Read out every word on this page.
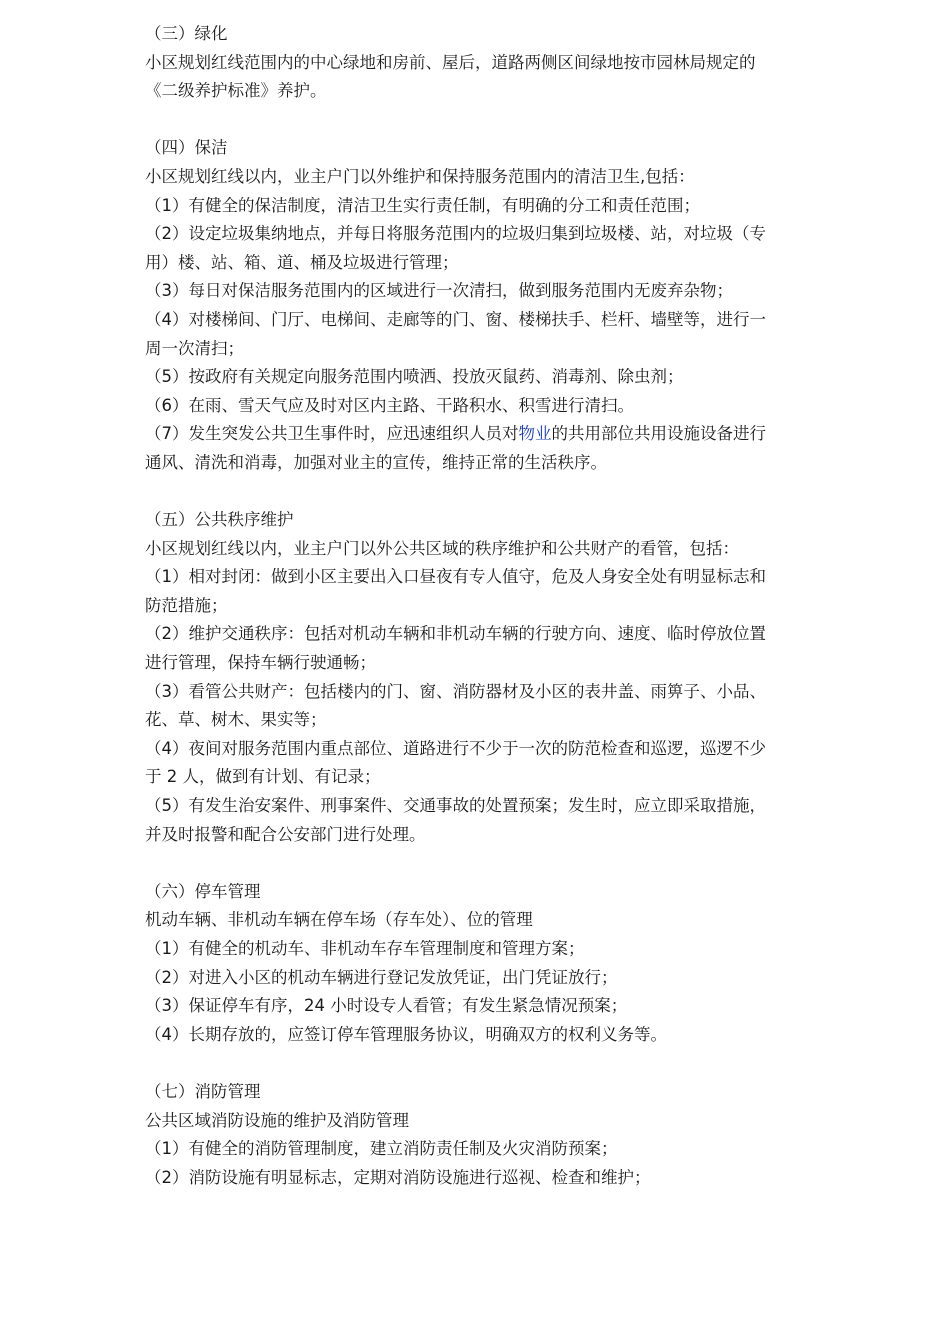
（三）绿化
小区规划红线范围内的中心绿地和房前、屋后，道路两侧区间绿地按市园林局规定的
《二级养护标准》养护。
（四）保洁
小区规划红线以内，业主户门以外维护和保持服务范围内的清洁卫生,包括：
（1）有健全的保洁制度，清洁卫生实行责任制，有明确的分工和责任范围；
（2）设定垃圾集纳地点，并每日将服务范围内的垃圾归集到垃圾楼、站，对垃圾（专
用）楼、站、箱、道、桶及垃圾进行管理；
（3）每日对保洁服务范围内的区域进行一次清扫，做到服务范围内无废弃杂物；
（4）对楼梯间、门厅、电梯间、走廊等的门、窗、楼梯扶手、栏杆、墙壁等，进行一
周一次清扫；
（5）按政府有关规定向服务范围内喷洒、投放灭鼠药、消毒剂、除虫剂；
（6）在雨、雪天气应及时对区内主路、干路积水、积雪进行清扫。
（7）发生突发公共卫生事件时，应迅速组织人员对物业的共用部位共用设施设备进行
通风、清洗和消毒，加强对业主的宣传，维持正常的生活秩序。
（五）公共秩序维护
小区规划红线以内，业主户门以外公共区域的秩序维护和公共财产的看管，包括：
（1）相对封闭：做到小区主要出入口昼夜有专人值守，危及人身安全处有明显标志和
防范措施；
（2）维护交通秩序：包括对机动车辆和非机动车辆的行驶方向、速度、临时停放位置
进行管理，保持车辆行驶通畅；
（3）看管公共财产：包括楼内的门、窗、消防器材及小区的表井盖、雨箅子、小品、
花、草、树木、果实等；
（4）夜间对服务范围内重点部位、道路进行不少于一次的防范检查和巡逻，巡逻不少
于 2 人，做到有计划、有记录；
（5）有发生治安案件、刑事案件、交通事故的处置预案；发生时，应立即采取措施，
并及时报警和配合公安部门进行处理。
（六）停车管理
机动车辆、非机动车辆在停车场（存车处）、位的管理
（1）有健全的机动车、非机动车存车管理制度和管理方案；
（2）对进入小区的机动车辆进行登记发放凭证，出门凭证放行；
（3）保证停车有序，24 小时设专人看管；有发生紧急情况预案；
（4）长期存放的，应签订停车管理服务协议，明确双方的权利义务等。
（七）消防管理
公共区域消防设施的维护及消防管理
（1）有健全的消防管理制度，建立消防责任制及火灾消防预案；
（2）消防设施有明显标志，定期对消防设施进行巡视、检查和维护；
